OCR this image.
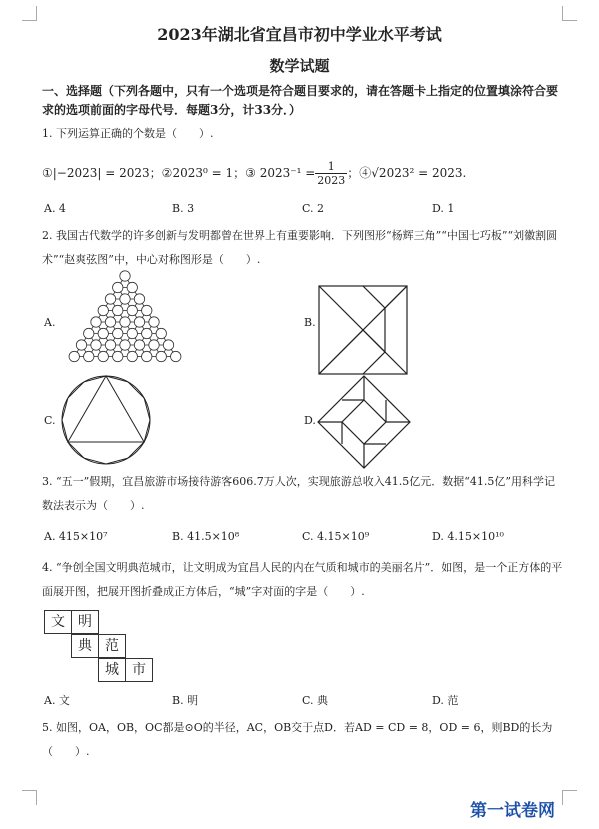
2023年湖北省宜昌市初中学业水平考试
数学试题
一、选择题（下列各题中，只有一个选项是符合题目要求的，请在答题卡上指定的位置填涂符合要求的选项前面的字母代号．每题3分，计33分．）
1. 下列运算正确的个数是（　　）.
①|−2023| = 2023；②2023⁰ = 1；③ $2023^{-1} = \frac{1}{2023}$ ；④√2023² = 2023.
A. 4	B. 3	C. 2	D. 1
2. 我国古代数学的许多创新与发明都曾在世界上有重要影响．下列图形“杨辉三角”“中国七巧板”“刘徽割圆术”“赵爽弦图”中，中心对称图形是（　　）.
A.	B.
C.	D.
3. “五一”假期，宜昌旅游市场接待游客606.7万人次，实现旅游总收入41.5亿元．数据“41.5亿”用科学记数法表示为（　　）.
A. 415×10⁷	B. 41.5×10⁸	C. 4.15×10⁹	D. 4.15×10¹⁰
4. “争创全国文明典范城市，让文明成为宜昌人民的内在气质和城市的美丽名片”．如图，是一个正方体的平面展开图，把展开图折叠成正方体后，“城”字对面的字是（　　）.
文 明
典 范
城 市
A. 文	B. 明	C. 典	D. 范
5. 如图，OA，OB，OC都是⊙O的半径，AC，OB交于点D．若AD = CD = 8，OD = 6，则BD的长为（　　）.
第一试卷网
